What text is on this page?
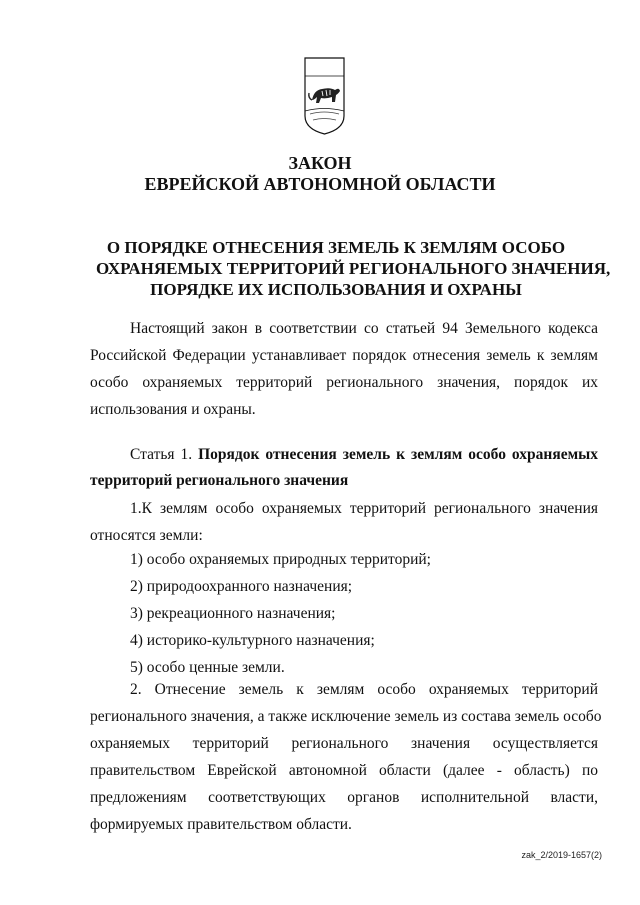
ЗАКОН
ЕВРЕЙСКОЙ АВТОНОМНОЙ ОБЛАСТИ
О ПОРЯДКЕ ОТНЕСЕНИЯ ЗЕМЕЛЬ К ЗЕМЛЯМ ОСОБО
ОХРАНЯЕМЫХ ТЕРРИТОРИЙ РЕГИОНАЛЬНОГО ЗНАЧЕНИЯ,
ПОРЯДКЕ ИХ ИСПОЛЬЗОВАНИЯ И ОХРАНЫ
Настоящий закон в соответствии со статьей 94 Земельного кодекса
Российской Федерации устанавливает порядок отнесения земель к землям
особо охраняемых территорий регионального значения, порядок их
использования и охраны.
Статья 1. Порядок отнесения земель к землям особо охраняемых
территорий регионального значения
1.К землям особо охраняемых территорий регионального значения
относятся земли:
1) особо охраняемых природных территорий;
2) природоохранного назначения;
3) рекреационного назначения;
4) историко-культурного назначения;
5) особо ценные земли.
2. Отнесение земель к землям особо охраняемых территорий
регионального значения, а также исключение земель из состава земель особо
охраняемых территорий регионального значения осуществляется
правительством Еврейской автономной области (далее - область) по
предложениям соответствующих органов исполнительной власти,
формируемых правительством области.
zak_2/2019-1657(2)
